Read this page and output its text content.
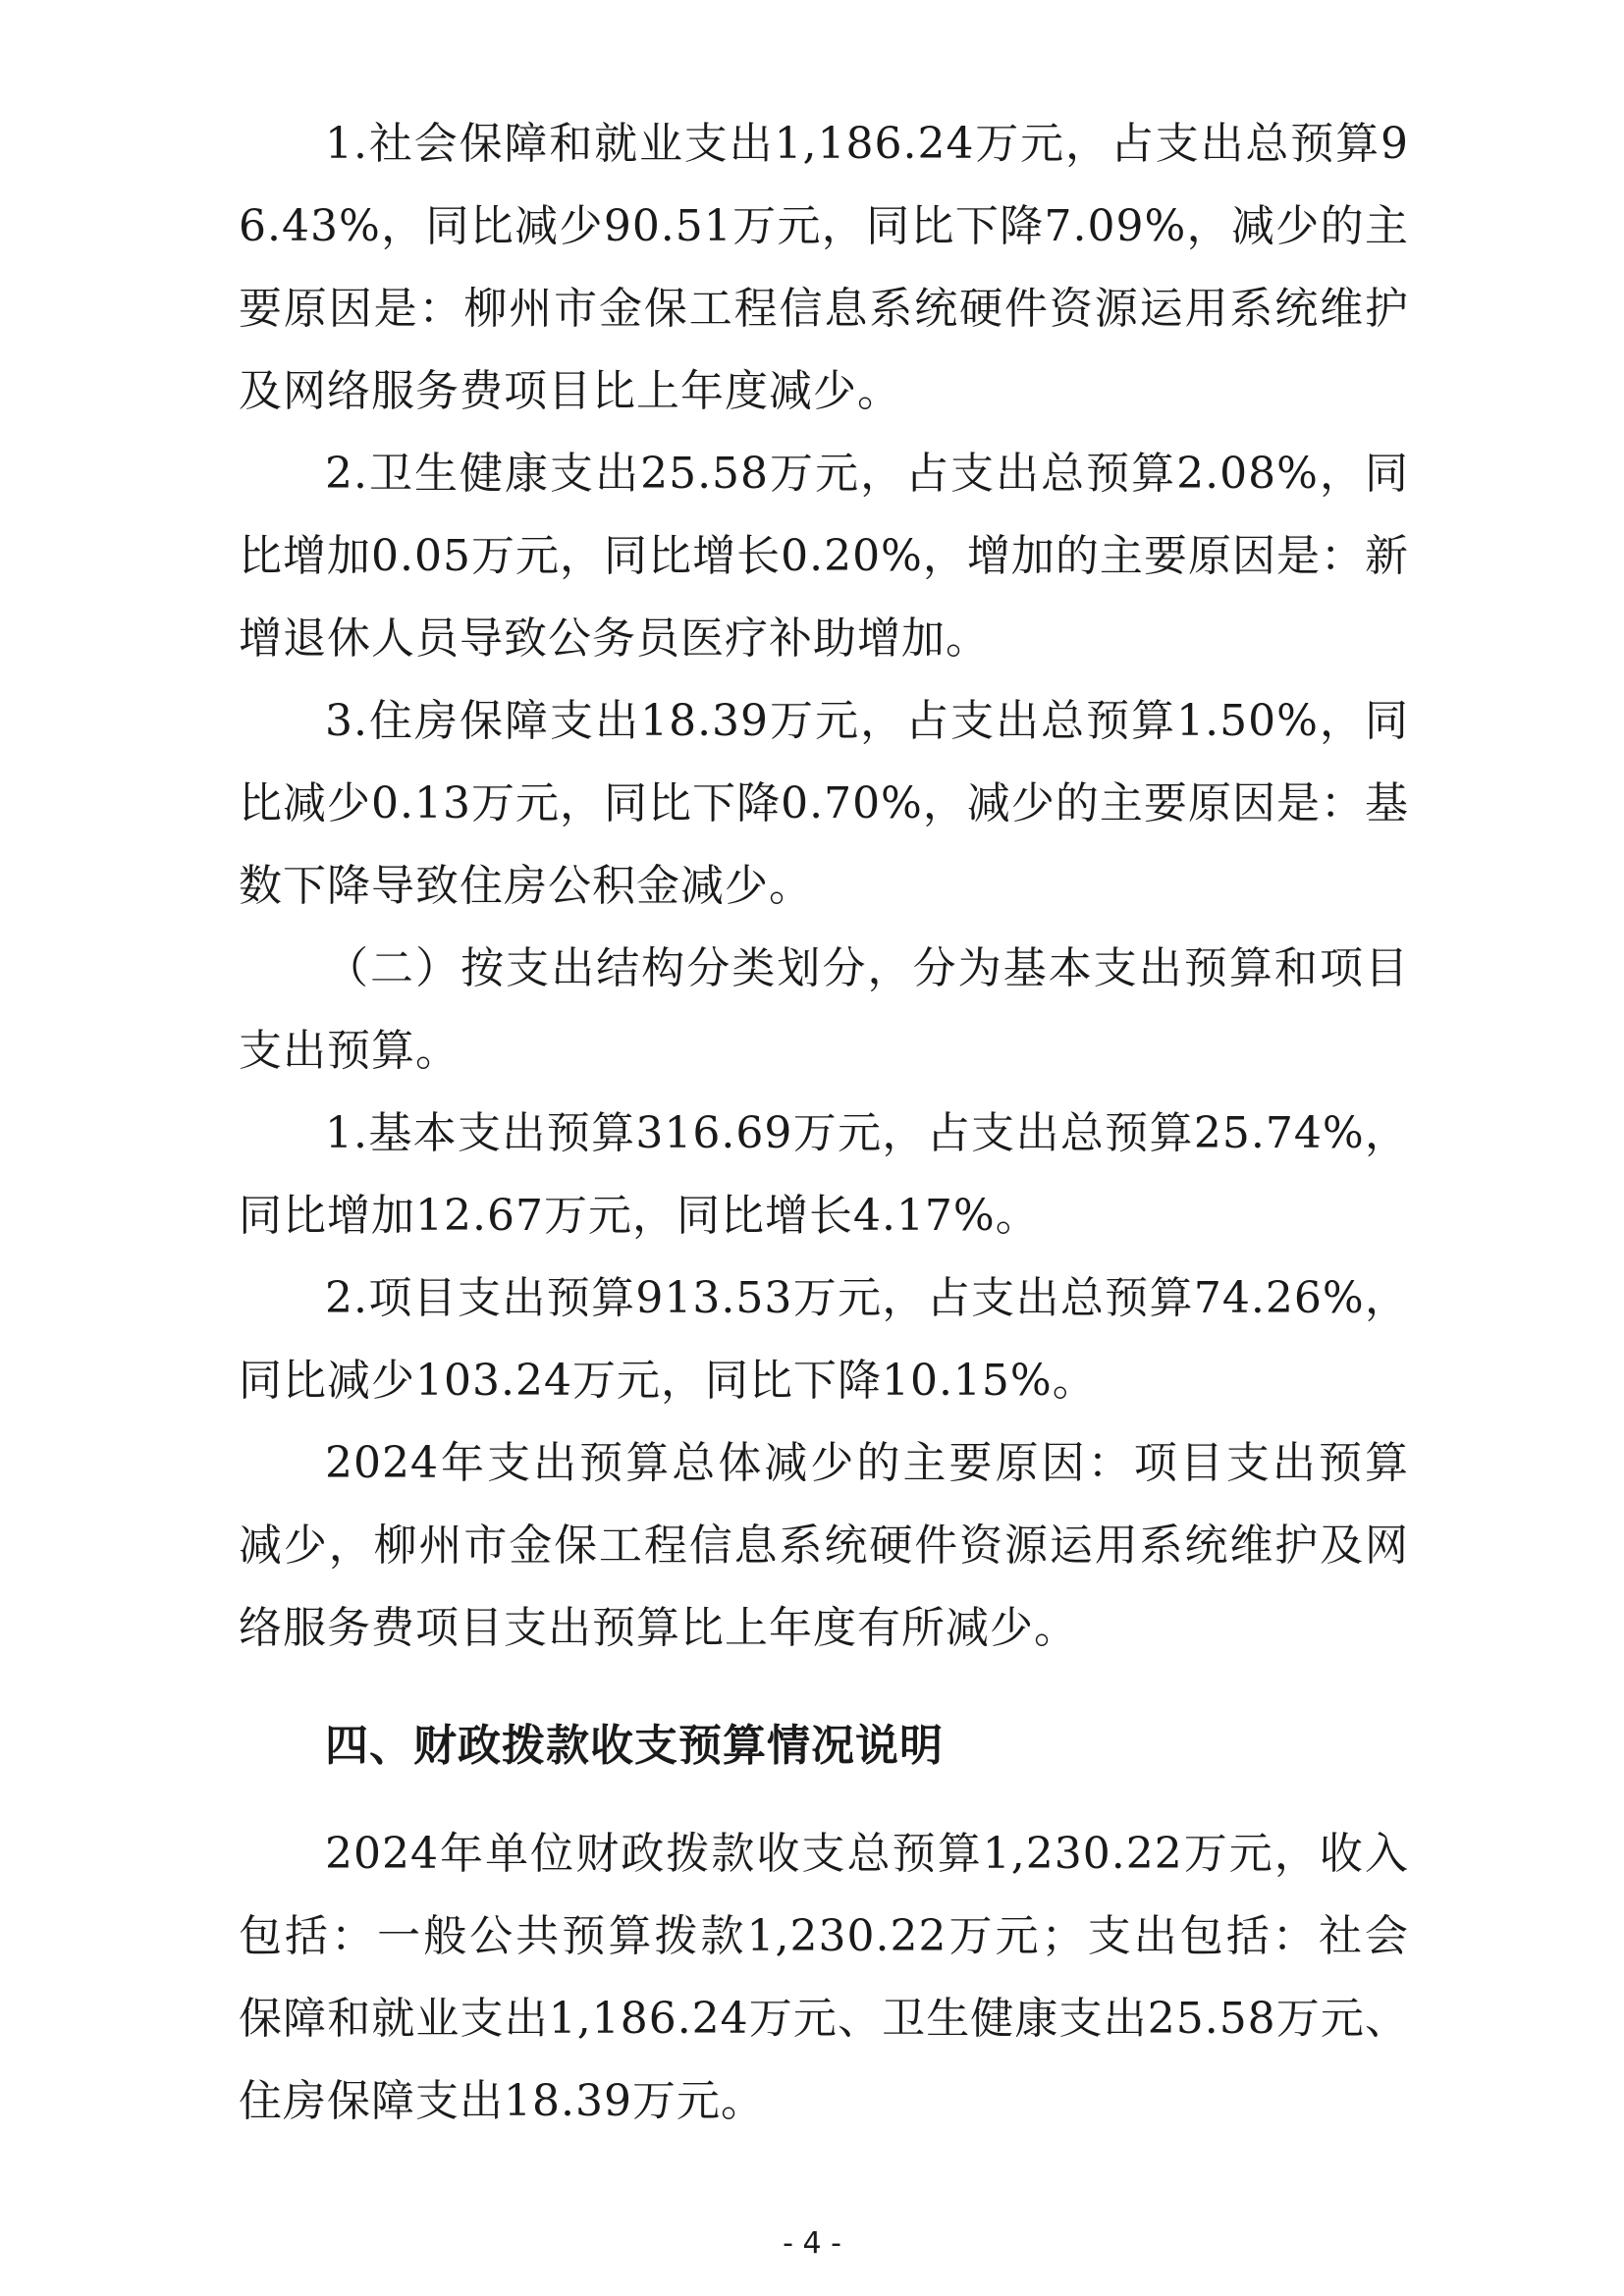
1.社会保障和就业支出1,186.24万元，占支出总预算96.43%，同比减少90.51万元，同比下降7.09%，减少的主要原因是：柳州市金保工程信息系统硬件资源运用系统维护及网络服务费项目比上年度减少。

2.卫生健康支出25.58万元，占支出总预算2.08%，同比增加0.05万元，同比增长0.20%，增加的主要原因是：新增退休人员导致公务员医疗补助增加。

3.住房保障支出18.39万元，占支出总预算1.50%，同比减少0.13万元，同比下降0.70%，减少的主要原因是：基数下降导致住房公积金减少。

（二）按支出结构分类划分，分为基本支出预算和项目支出预算。

1.基本支出预算316.69万元，占支出总预算25.74%，同比增加12.67万元，同比增长4.17%。

2.项目支出预算913.53万元，占支出总预算74.26%，同比减少103.24万元，同比下降10.15%。

2024年支出预算总体减少的主要原因：项目支出预算减少，柳州市金保工程信息系统硬件资源运用系统维护及网络服务费项目支出预算比上年度有所减少。

四、财政拨款收支预算情况说明

2024年单位财政拨款收支总预算1,230.22万元，收入包括：一般公共预算拨款1,230.22万元；支出包括：社会保障和就业支出1,186.24万元、卫生健康支出25.58万元、住房保障支出18.39万元。

- 4 -
